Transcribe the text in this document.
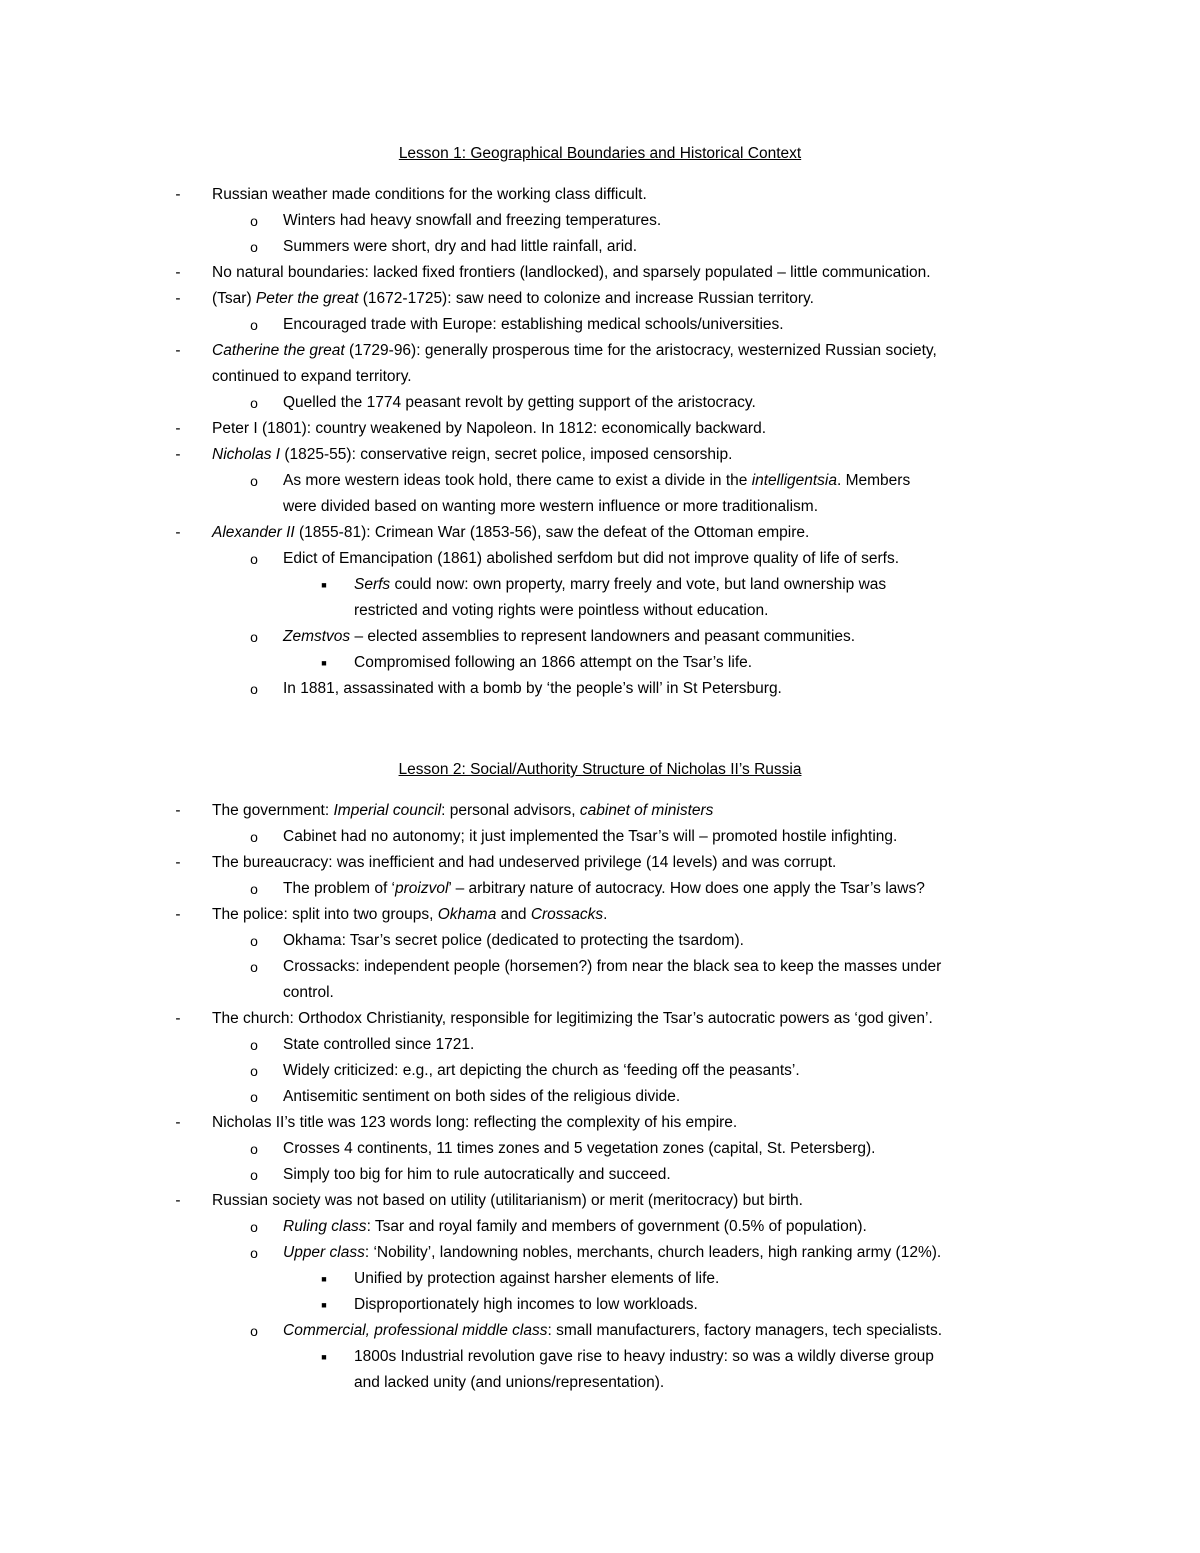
Lesson 1: Geographical Boundaries and Historical Context
-	Russian weather made conditions for the working class difficult.
o	Winters had heavy snowfall and freezing temperatures.
o	Summers were short, dry and had little rainfall, arid.
-	No natural boundaries: lacked fixed frontiers (landlocked), and sparsely populated – little communication.
-	(Tsar) Peter the great (1672-1725): saw need to colonize and increase Russian territory.
o	Encouraged trade with Europe: establishing medical schools/universities.
-	Catherine the great (1729-96): generally prosperous time for the aristocracy, westernized Russian society,
continued to expand territory.
o	Quelled the 1774 peasant revolt by getting support of the aristocracy.
-	Peter I (1801): country weakened by Napoleon. In 1812: economically backward.
-	Nicholas I (1825-55): conservative reign, secret police, imposed censorship.
o	As more western ideas took hold, there came to exist a divide in the intelligentsia. Members
were divided based on wanting more western influence or more traditionalism.
-	Alexander II (1855-81): Crimean War (1853-56), saw the defeat of the Ottoman empire.
o	Edict of Emancipation (1861) abolished serfdom but did not improve quality of life of serfs.
■	Serfs could now: own property, marry freely and vote, but land ownership was
restricted and voting rights were pointless without education.
o	Zemstvos – elected assemblies to represent landowners and peasant communities.
■	Compromised following an 1866 attempt on the Tsar’s life.
o	In 1881, assassinated with a bomb by ‘the people’s will’ in St Petersburg.
Lesson 2: Social/Authority Structure of Nicholas II’s Russia
-	The government: Imperial council: personal advisors, cabinet of ministers
o	Cabinet had no autonomy; it just implemented the Tsar’s will – promoted hostile infighting.
-	The bureaucracy: was inefficient and had undeserved privilege (14 levels) and was corrupt.
o	The problem of ‘proizvol’ – arbitrary nature of autocracy. How does one apply the Tsar’s laws?
-	The police: split into two groups, Okhama and Crossacks.
o	Okhama: Tsar’s secret police (dedicated to protecting the tsardom).
o	Crossacks: independent people (horsemen?) from near the black sea to keep the masses under
control.
-	The church: Orthodox Christianity, responsible for legitimizing the Tsar’s autocratic powers as ‘god given’.
o	State controlled since 1721.
o	Widely criticized: e.g., art depicting the church as ‘feeding off the peasants’.
o	Antisemitic sentiment on both sides of the religious divide.
-	Nicholas II’s title was 123 words long: reflecting the complexity of his empire.
o	Crosses 4 continents, 11 times zones and 5 vegetation zones (capital, St. Petersberg).
o	Simply too big for him to rule autocratically and succeed.
-	Russian society was not based on utility (utilitarianism) or merit (meritocracy) but birth.
o	Ruling class: Tsar and royal family and members of government (0.5% of population).
o	Upper class: ‘Nobility’, landowning nobles, merchants, church leaders, high ranking army (12%).
■	Unified by protection against harsher elements of life.
■	Disproportionately high incomes to low workloads.
o	Commercial, professional middle class: small manufacturers, factory managers, tech specialists.
■	1800s Industrial revolution gave rise to heavy industry: so was a wildly diverse group
and lacked unity (and unions/representation).
